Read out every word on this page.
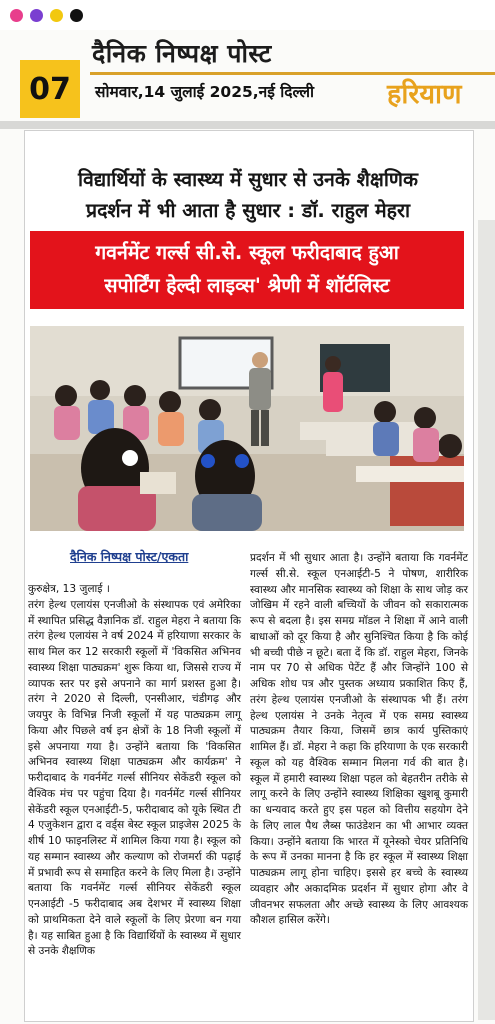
07
दैनिक निष्पक्ष पोस्ट
सोमवार,14 जुलाई 2025,नई दिल्ली	हरियाण
विद्यार्थियों के स्वास्थ्य में सुधार से उनके शैक्षणिक
प्रदर्शन में भी आता है सुधार : डॉ. राहुल मेहरा
गवर्नमेंट गर्ल्स सी.से. स्कूल फरीदाबाद हुआ
सपोर्टिंग हेल्दी लाइव्स' श्रेणी में शॉर्टलिस्ट
दैनिक निष्पक्ष पोस्ट/एकता

कुरुक्षेत्र, 13 जुलाई ।

तरंग हेल्थ एलायंस एनजीओ के संस्थापक एवं अमेरिका में स्थापित प्रसिद्ध वैज्ञानिक डॉ. राहुल मेहरा ने बताया कि तरंग हेल्थ एलायंस ने वर्ष 2024 में हरियाणा सरकार के साथ मिल कर 12 सरकारी स्कूलों में 'विकसित अभिनव स्वास्थ्य शिक्षा पाठ्यक्रम' शुरू किया था, जिससे राज्य में व्यापक स्तर पर इसे अपनाने का मार्ग प्रशस्त हुआ है। तरंग ने 2020 से दिल्ली, एनसीआर, चंडीगढ़ और जयपुर के विभिन्न निजी स्कूलों में यह पाठ्यक्रम लागू किया और पिछले वर्ष इन क्षेत्रों के 18 निजी स्कूलों में इसे अपनाया गया है। उन्होंने बताया कि 'विकसित अभिनव स्वास्थ्य शिक्षा पाठ्यक्रम और कार्यक्रम' ने फरीदाबाद के गवर्नमेंट गर्ल्स सीनियर सेकेंडरी स्कूल को वैश्विक मंच पर पहुंचा दिया है। गवर्नमेंट गर्ल्स सीनियर सेकेंडरी स्कूल एनआईटी-5, फरीदाबाद को यूके स्थित टी 4 एजुकेशन द्वारा द वर्ड्स बेस्ट स्कूल प्राइजेस 2025 के शीर्ष 10 फाइनलिस्ट में शामिल किया गया है। स्कूल को यह सम्मान स्वास्थ्य और कल्याण को रोजमर्रा की पढ़ाई में प्रभावी रूप से समाहित करने के लिए मिला है। उन्होंने बताया कि गवर्नमेंट गर्ल्स सीनियर सेकेंडरी स्कूल एनआईटी -5 फरीदाबाद अब देशभर में स्वास्थ्य शिक्षा को प्राथमिकता देने वाले स्कूलों के लिए प्रेरणा बन गया है। यह साबित हुआ है कि विद्यार्थियों के स्वास्थ्य में सुधार से उनके शैक्षणिक

प्रदर्शन में भी सुधार आता है। उन्होंने बताया कि गवर्नमेंट गर्ल्स सी.से. स्कूल एनआईटी-5 ने पोषण, शारीरिक स्वास्थ्य और मानसिक स्वास्थ्य को शिक्षा के साथ जोड़ कर जोखिम में रहने वाली बच्चियों के जीवन को सकारात्मक रूप से बदला है। इस समग्र मॉडल ने शिक्षा में आने वाली बाधाओं को दूर किया है और सुनिश्चित किया है कि कोई भी बच्ची पीछे न छूटे। बता दें कि डॉ. राहुल मेहरा, जिनके नाम पर 70 से अधिक पेटेंट हैं और जिन्होंने 100 से अधिक शोध पत्र और पुस्तक अध्याय प्रकाशित किए हैं, तरंग हेल्थ एलायंस एनजीओ के संस्थापक भी हैं। तरंग हेल्थ एलायंस ने उनके नेतृत्व में एक समग्र स्वास्थ्य पाठ्यक्रम तैयार किया, जिसमें छात्र कार्य पुस्तिकाएं शामिल हैं। डॉ. मेहरा ने कहा कि हरियाणा के एक सरकारी स्कूल को यह वैश्विक सम्मान मिलना गर्व की बात है। स्कूल में हमारी स्वास्थ्य शिक्षा पहल को बेहतरीन तरीके से लागू करने के लिए उन्होंने स्वास्थ्य शिक्षिका खुशबू कुमारी का धन्यवाद करते हुए इस पहल को वित्तीय सहयोग देने के लिए लाल पैथ लैब्स फाउंडेशन का भी आभार व्यक्त किया। उन्होंने बताया कि भारत में यूनेस्को चेयर प्रतिनिधि के रूप में उनका मानना है कि हर स्कूल में स्वास्थ्य शिक्षा पाठ्यक्रम लागू होना चाहिए। इससे हर बच्चे के स्वास्थ्य व्यवहार और अकादमिक प्रदर्शन में सुधार होगा और वे जीवनभर सफलता और अच्छे स्वास्थ्य के लिए आवश्यक कौशल हासिल करेंगे।
